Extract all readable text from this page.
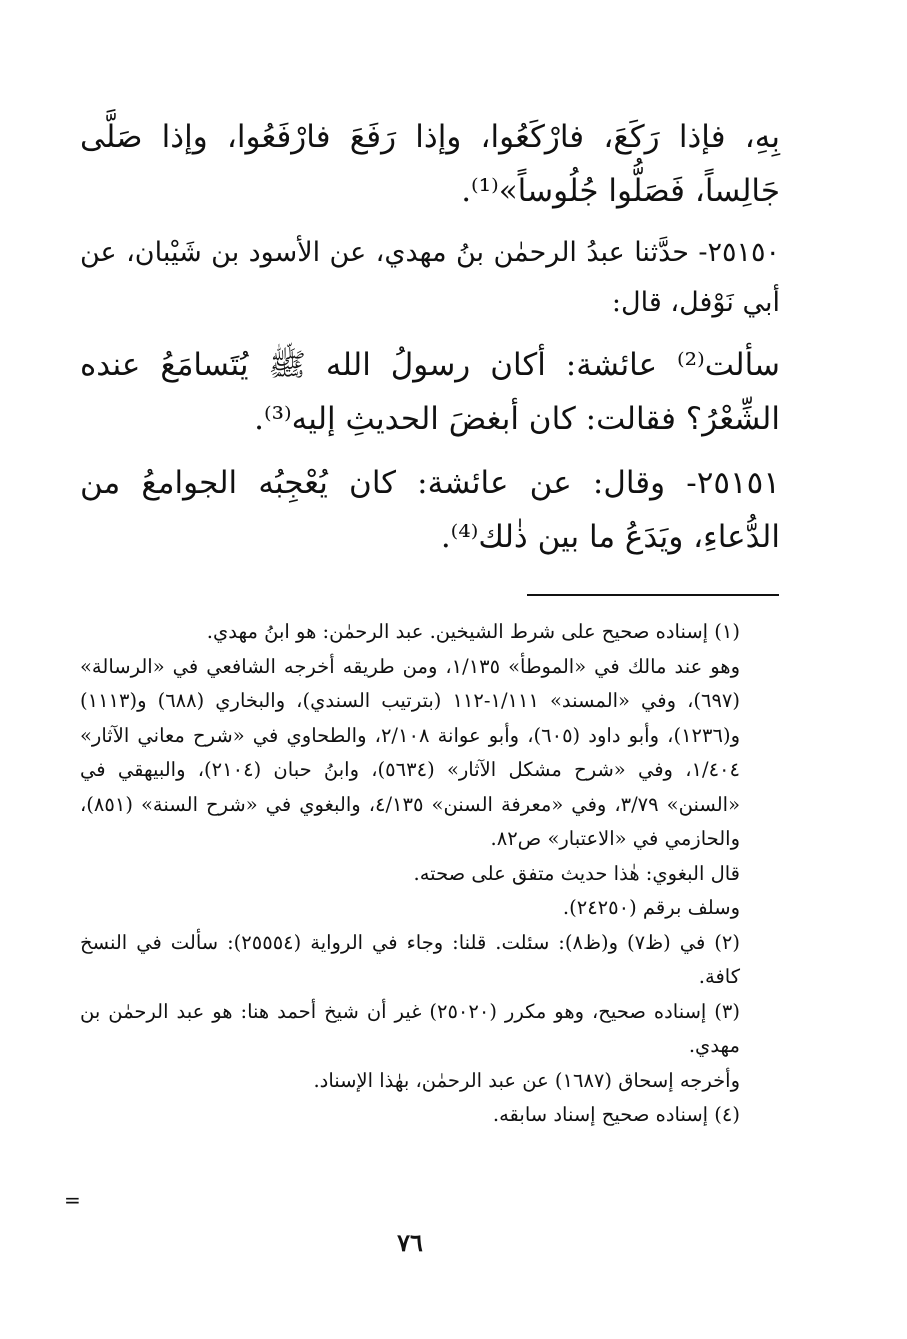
بِهِ، فإذا رَكَعَ، فارْكَعُوا، وإذا رَفَعَ فارْفَعُوا، وإذا صَلَّى جَالِساً، فَصَلُّوا جُلُوساً»⁽¹⁾.

٢٥١٥٠- حدَّثنا عبدُ الرحمٰن بنُ مهدي، عن الأسود بن شَيْبان، عن أبي نَوْفل، قال:

سألت⁽²⁾ عائشة: أكان رسولُ الله ﷺ يُتَسامَعُ عنده الشِّعْرُ؟ فقالت: كان أبغضَ الحديثِ إليه⁽³⁾.

٢٥١٥١- وقال: عن عائشة: كان يُعْجِبُه الجوامعُ من الدُّعاءِ، ويَدَعُ ما بين ذٰلك⁽⁴⁾.

(١) إسناده صحيح على شرط الشيخين. عبد الرحمٰن: هو ابنُ مهدي.

وهو عند مالك في «الموطأ» ١/١٣٥، ومن طريقه أخرجه الشافعي في «الرسالة» (٦٩٧)، وفي «المسند» ١/١١١-١١٢ (بترتيب السندي)، والبخاري (٦٨٨) و(١١١٣) و(١٢٣٦)، وأبو داود (٦٠٥)، وأبو عوانة ٢/١٠٨، والطحاوي في «شرح معاني الآثار» ١/٤٠٤، وفي «شرح مشكل الآثار» (٥٦٣٤)، وابنُ حبان (٢١٠٤)، والبيهقي في «السنن» ٣/٧٩، وفي «معرفة السنن» ٤/١٣٥، والبغوي في «شرح السنة» (٨٥١)، والحازمي في «الاعتبار» ص٨٢.

قال البغوي: هٰذا حديث متفق على صحته.

وسلف برقم (٢٤٢٥٠).

(٢) في (ظ٧) و(ظ٨): سئلت. قلنا: وجاء في الرواية (٢٥٥٥٤): سألت في النسخ كافة.

(٣) إسناده صحيح، وهو مكرر (٢٥٠٢٠) غير أن شيخ أحمد هنا: هو عبد الرحمٰن بن مهدي.

وأخرجه إسحاق (١٦٨٧) عن عبد الرحمٰن، بهٰذا الإسناد.

(٤) إسناده صحيح إسناد سابقه.

=
٧٦
